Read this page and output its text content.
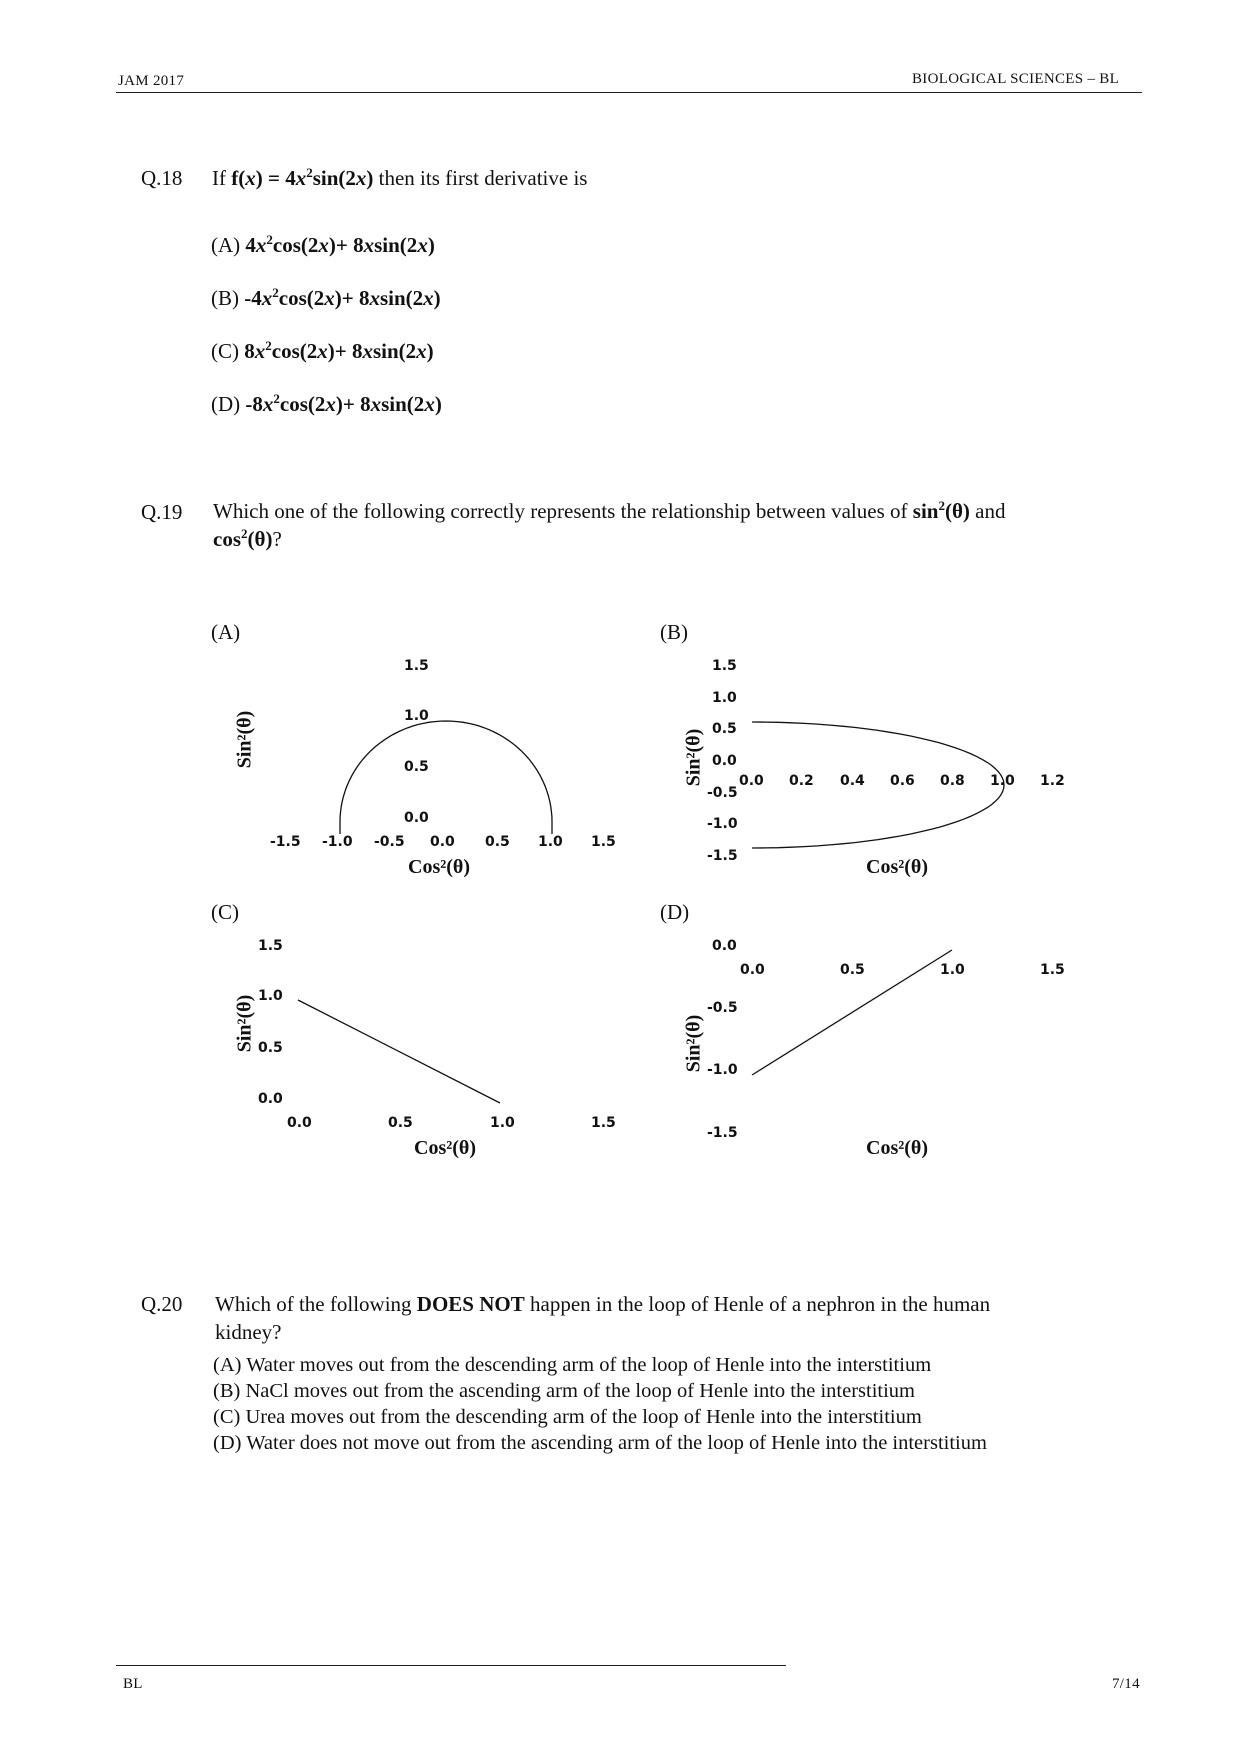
JAM 2017	BIOLOGICAL SCIENCES – BL
Q.18 If $f(x) = 4x^2\sin(2x)$ then its first derivative is
(A) $4x^2\cos(2x)+ 8xsin(2x)$
(B) $-4x^2\cos(2x)+ 8xsin(2x)$
(C) $8x^2\cos(2x)+ 8xsin(2x)$
(D) $-8x^2\cos(2x)+ 8xsin(2x)$
Q.19 Which one of the following correctly represents the relationship between values of $\sin^2(\theta)$ and
$\cos^2(\theta)$?
(A)	(B)
(C)	(D)
1.5
1.0
0.5
0.0
-1.5 -1.0 -0.5 0.0 0.5 1.0 1.5
Cos²(θ)
Sin²(θ)
1.5
1.0
0.5
0.0
-0.5
-1.0
-1.5
0.0 0.2 0.4 0.6 0.8 1.0 1.2
Cos²(θ)
Sin²(θ)
1.5
1.0
0.5
0.0
0.0	0.5	1.0	1.5
Cos²(θ)
Sin²(θ)
0.0
-0.5
-1.0
-1.5
0.0	0.5	1.0	1.5
Cos²(θ)
Sin²(θ)
Q.20 Which of the following DOES NOT happen in the loop of Henle of a nephron in the human
kidney?
(A) Water moves out from the descending arm of the loop of Henle into the interstitium
(B) NaCl moves out from the ascending arm of the loop of Henle into the interstitium
(C) Urea moves out from the descending arm of the loop of Henle into the interstitium
(D) Water does not move out from the ascending arm of the loop of Henle into the interstitium
BL	7/14
